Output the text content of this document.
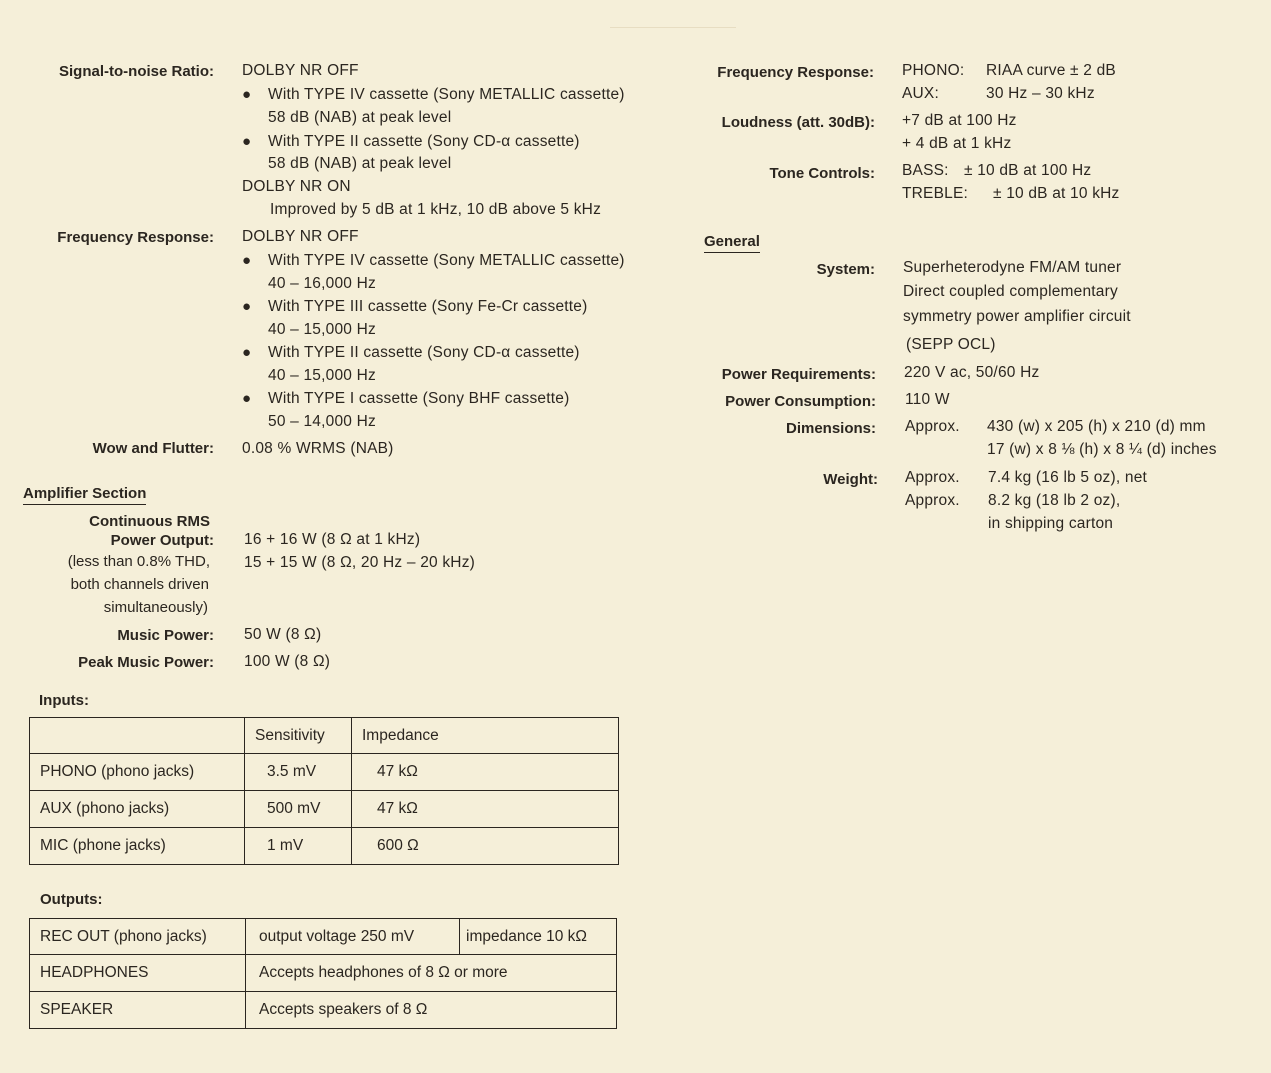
―――――――――
Signal-to-noise Ratio: DOLBY NR OFF
● With TYPE IV cassette (Sony METALLIC cassette)
58 dB (NAB) at peak level
● With TYPE II cassette (Sony CD-α cassette)
58 dB (NAB) at peak level
DOLBY NR ON
Improved by 5 dB at 1 kHz, 10 dB above 5 kHz
Frequency Response: DOLBY NR OFF
● With TYPE IV cassette (Sony METALLIC cassette)
40 – 16,000 Hz
● With TYPE III cassette (Sony Fe-Cr cassette)
40 – 15,000 Hz
● With TYPE II cassette (Sony CD-α cassette)
40 – 15,000 Hz
● With TYPE I cassette (Sony BHF cassette)
50 – 14,000 Hz
Wow and Flutter: 0.08 % WRMS (NAB)
Amplifier Section
Continuous RMS
Power Output:
(less than 0.8% THD,
both channels driven
simultaneously)
16 + 16 W (8 Ω at 1 kHz)
15 + 15 W (8 Ω, 20 Hz – 20 kHz)
Music Power: 50 W (8 Ω)
Peak Music Power: 100 W (8 Ω)
Inputs:
	Sensitivity	Impedance
PHONO (phono jacks)	3.5 mV	47 kΩ
AUX (phono jacks)	500 mV	47 kΩ
MIC (phone jacks)	1 mV	600 Ω
Outputs:
REC OUT (phono jacks)	output voltage 250 mV	impedance 10 kΩ
HEADPHONES	Accepts headphones of 8 Ω or more	
SPEAKER	Accepts speakers of 8 Ω	
Frequency Response: PHONO: RIAA curve ± 2 dB
AUX:	30 Hz – 30 kHz
Loudness (att. 30dB): +7 dB at 100 Hz
+ 4 dB at 1 kHz
Tone Controls: BASS: ± 10 dB at 100 Hz
TREBLE: ± 10 dB at 10 kHz
General
System: Superheterodyne FM/AM tuner
Direct coupled complementary
symmetry power amplifier circuit
(SEPP OCL)
Power Requirements: 220 V ac, 50/60 Hz
Power Consumption: 110 W
Dimensions: Approx. 430 (w) x 205 (h) x 210 (d) mm
17 (w) x 8 ⅛ (h) x 8 ¼ (d) inches
Weight: Approx. 7.4 kg (16 lb 5 oz), net
Approx. 8.2 kg (18 lb 2 oz),
in shipping carton
